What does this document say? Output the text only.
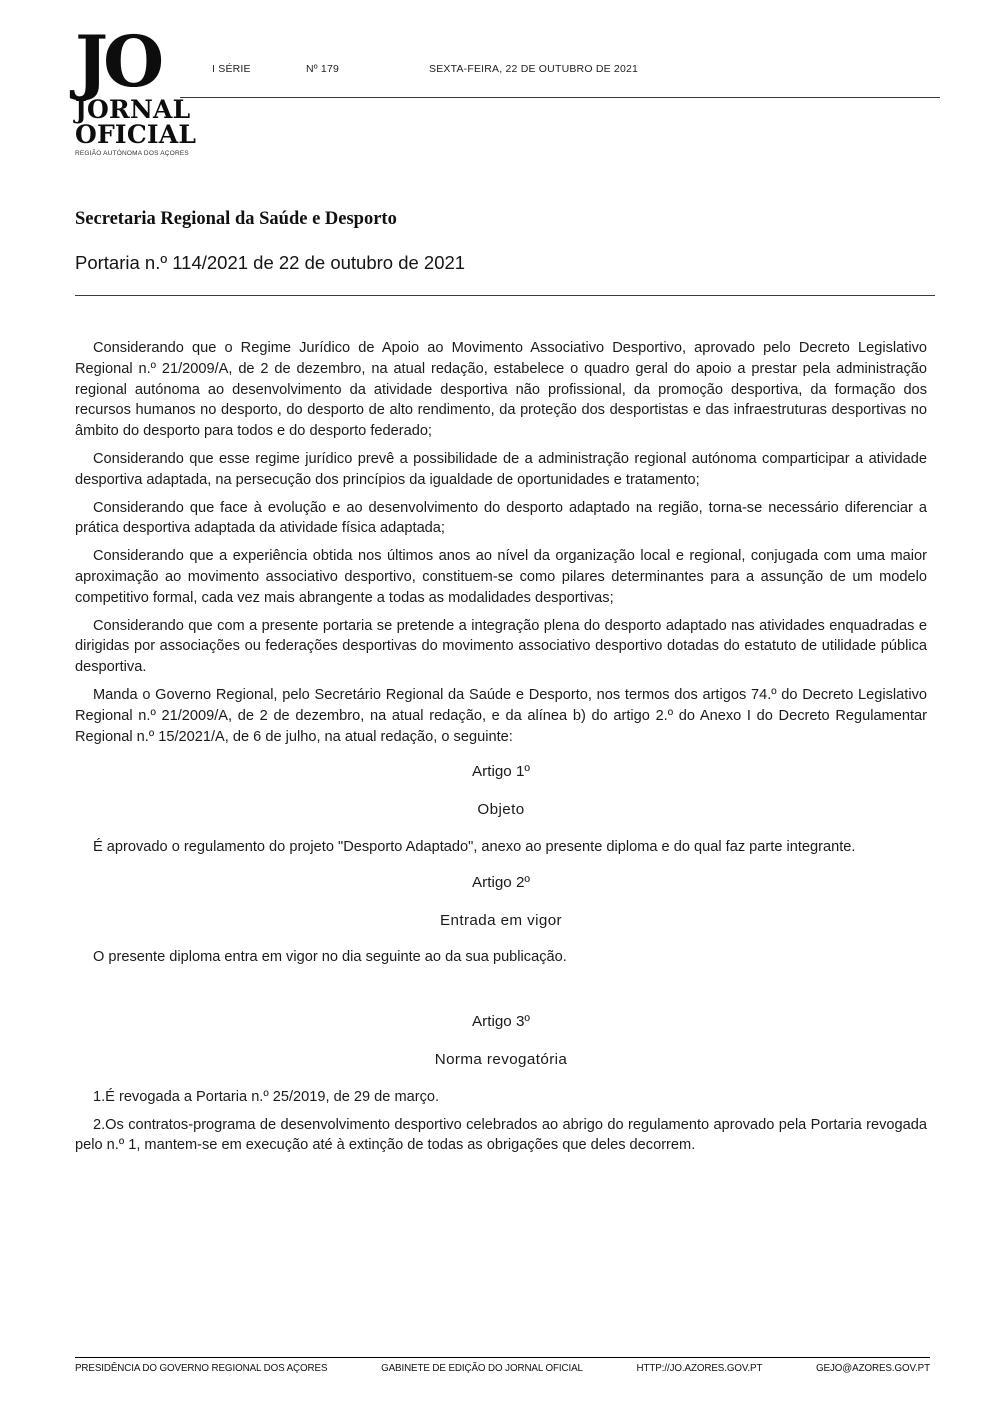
JO
JORNAL
OFICIAL
REGIÃO AUTÓNOMA DOS AÇORES
I SÉRIE	Nº 179	SEXTA-FEIRA, 22 DE OUTUBRO DE 2021
Secretaria Regional da Saúde e Desporto
Portaria n.º 114/2021 de 22 de outubro de 2021

Considerando que o Regime Jurídico de Apoio ao Movimento Associativo Desportivo, aprovado pelo Decreto Legislativo Regional n.º 21/2009/A, de 2 de dezembro, na atual redação, estabelece o quadro geral do apoio a prestar pela administração regional autónoma ao desenvolvimento da atividade desportiva não profissional, da promoção desportiva, da formação dos recursos humanos no desporto, do desporto de alto rendimento, da proteção dos desportistas e das infraestruturas desportivas no âmbito do desporto para todos e do desporto federado;

Considerando que esse regime jurídico prevê a possibilidade de a administração regional autónoma comparticipar a atividade desportiva adaptada, na persecução dos princípios da igualdade de oportunidades e tratamento;

Considerando que face à evolução e ao desenvolvimento do desporto adaptado na região, torna-se necessário diferenciar a prática desportiva adaptada da atividade física adaptada;

Considerando que a experiência obtida nos últimos anos ao nível da organização local e regional, conjugada com uma maior aproximação ao movimento associativo desportivo, constituem-se como pilares determinantes para a assunção de um modelo competitivo formal, cada vez mais abrangente a todas as modalidades desportivas;

Considerando que com a presente portaria se pretende a integração plena do desporto adaptado nas atividades enquadradas e dirigidas por associações ou federações desportivas do movimento associativo desportivo dotadas do estatuto de utilidade pública desportiva.

Manda o Governo Regional, pelo Secretário Regional da Saúde e Desporto, nos termos dos artigos 74.º do Decreto Legislativo Regional n.º 21/2009/A, de 2 de dezembro, na atual redação, e da alínea b) do artigo 2.º do Anexo I do Decreto Regulamentar Regional n.º 15/2021/A, de 6 de julho, na atual redação, o seguinte:

Artigo 1º

Objeto

É aprovado o regulamento do projeto "Desporto Adaptado", anexo ao presente diploma e do qual faz parte integrante.

Artigo 2º

Entrada em vigor

O presente diploma entra em vigor no dia seguinte ao da sua publicação.

Artigo 3º

Norma revogatória

1.É revogada a Portaria n.º 25/2019, de 29 de março.

2.Os contratos-programa de desenvolvimento desportivo celebrados ao abrigo do regulamento aprovado pela Portaria revogada pelo n.º 1, mantem-se em execução até à extinção de todas as obrigações que deles decorrem.

PRESIDÊNCIA DO GOVERNO REGIONAL DOS AÇORES	GABINETE DE EDIÇÃO DO JORNAL OFICIAL	HTTP://JO.AZORES.GOV.PT	GEJO@AZORES.GOV.PT
